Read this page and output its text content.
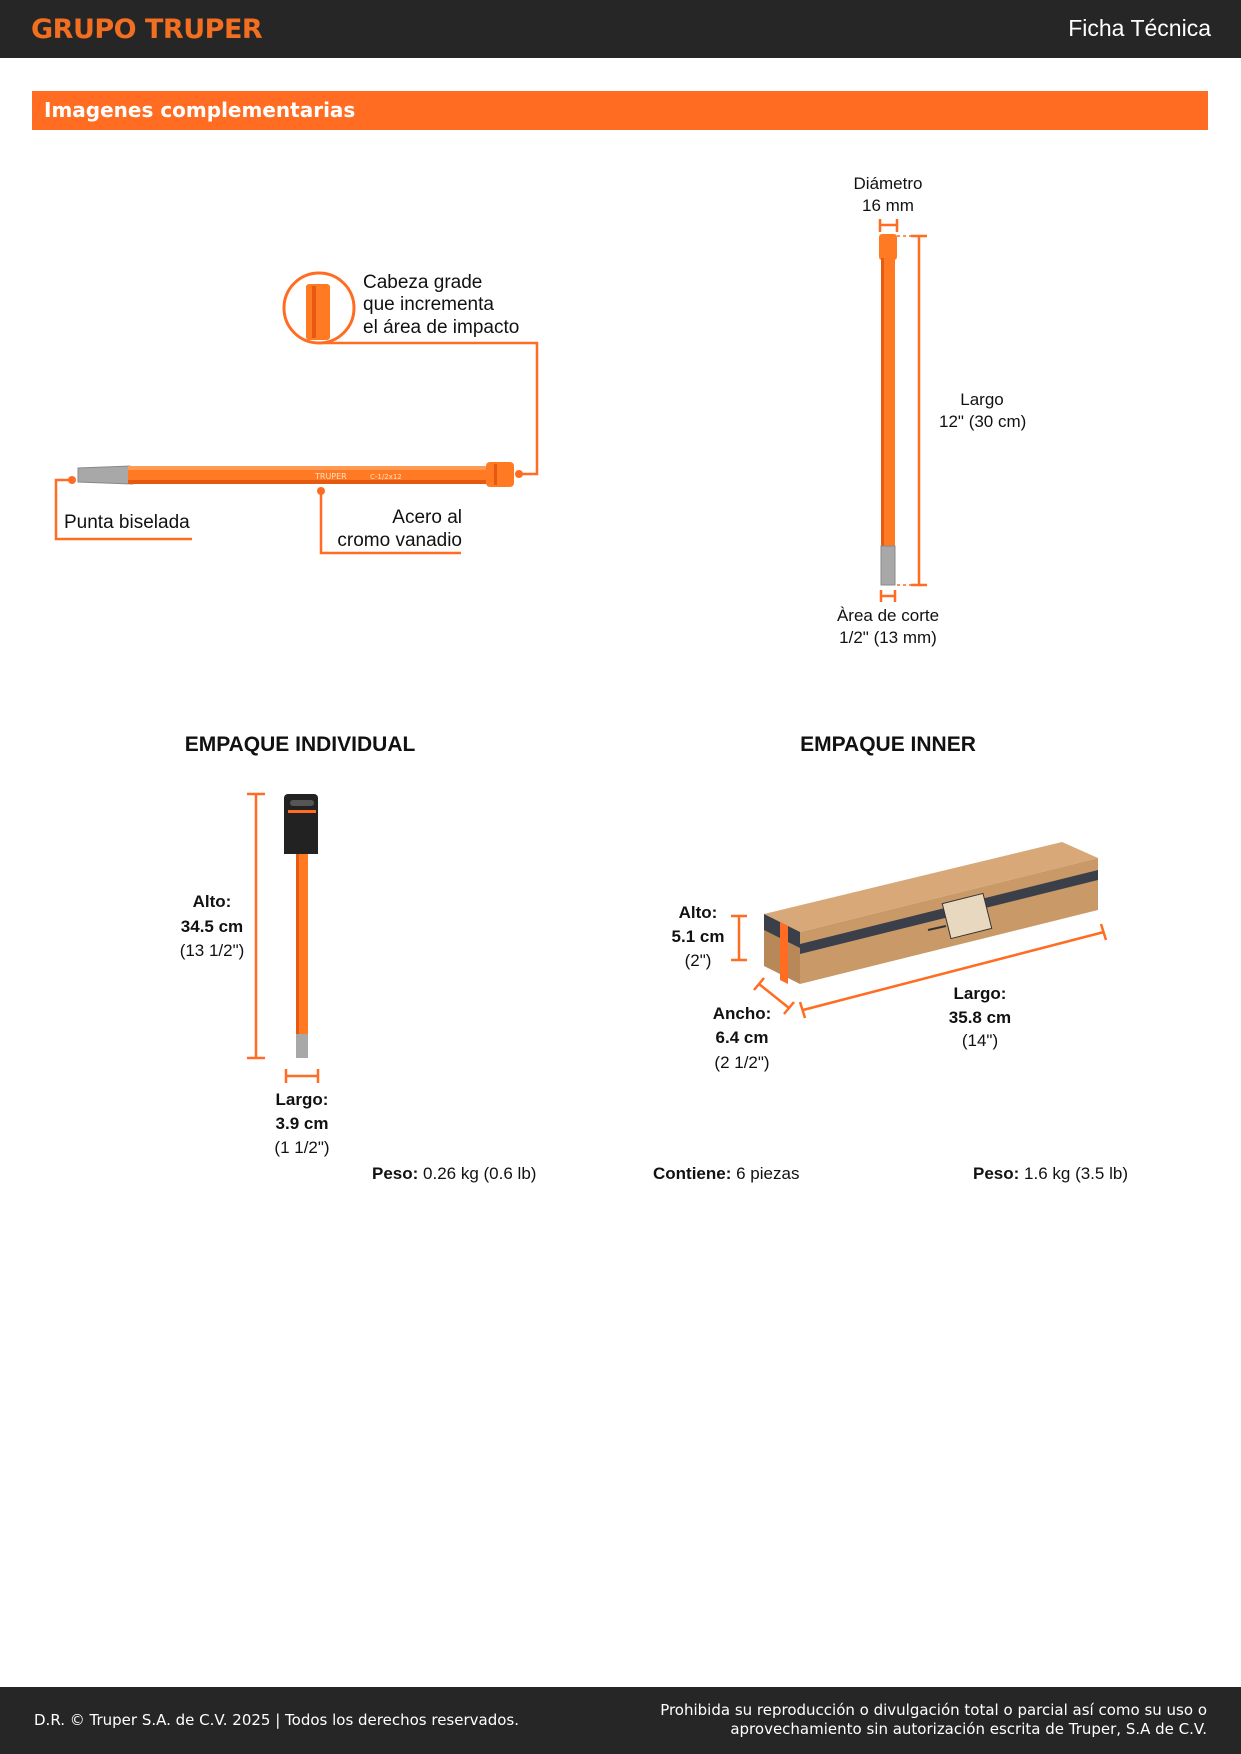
GRUPO TRUPER	Ficha Técnica
Imagenes complementarias
TRUPER	C-1/2x12
Cabeza grade
que incrementa
el área de impacto
Punta biselada	Acero al
cromo vanadio
Diámetro
16 mm
Largo
12" (30 cm)
Àrea de corte
1/2" (13 mm)
EMPAQUE INDIVIDUAL
Alto:
34.5 cm
(13 1/2")
Largo:
3.9 cm
(1 1/2")
Peso: 0.26 kg (0.6 lb)
EMPAQUE INNER
Alto:
5.1 cm
(2")
Ancho:
6.4 cm
(2 1/2")
Largo:
35.8 cm
(14")
Contiene: 6 piezas	Peso: 1.6 kg (3.5 lb)
D.R. © Truper S.A. de C.V. 2025 | Todos los derechos reservados.
Prohibida su reproducción o divulgación total o parcial así como su uso o
aprovechamiento sin autorización escrita de Truper, S.A de C.V.
